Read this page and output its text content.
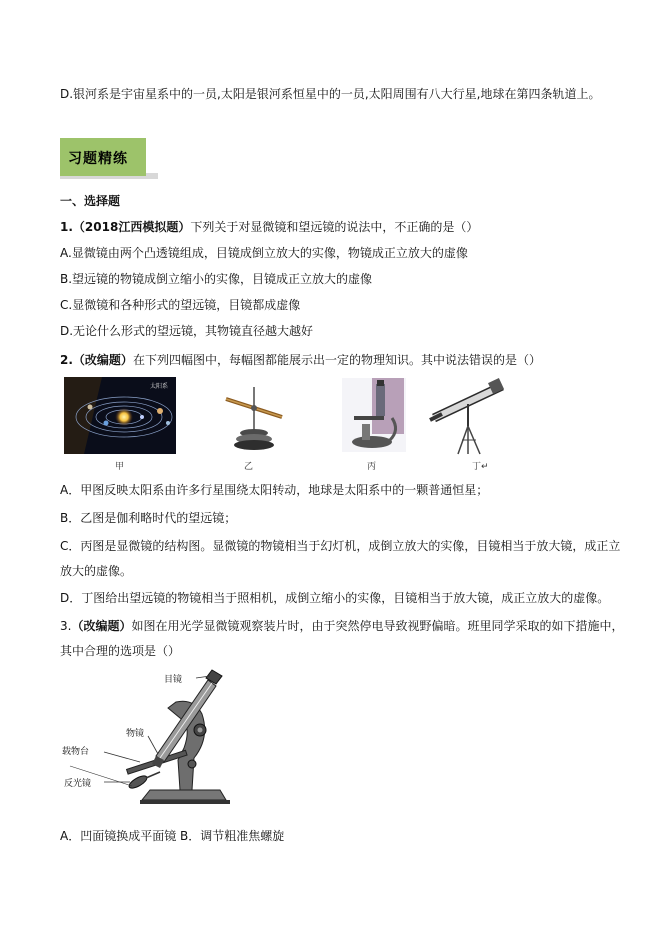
D.银河系是宇宙星系中的一员,太阳是银河系恒星中的一员,太阳周围有八大行星,地球在第四条轨道上。
习题精练
一、选择题
1.（2018江西模拟题）下列关于对显微镜和望远镜的说法中，不正确的是（）
A.显微镜由两个凸透镜组成，目镜成倒立放大的实像，物镜成正立放大的虚像
B.望远镜的物镜成倒立缩小的实像，目镜成正立放大的虚像
C.显微镜和各种形式的望远镜，目镜都成虚像
D.无论什么形式的望远镜，其物镜直径越大越好
2.（改编题）在下列四幅图中，每幅图都能展示出一定的物理知识。其中说法错误的是（）
太阳系
甲	乙	丙	丁↵
A．甲图反映太阳系由许多行星围绕太阳转动，地球是太阳系中的一颗普通恒星；
B．乙图是伽利略时代的望远镜；
C．丙图是显微镜的结构图。显微镜的物镜相当于幻灯机，成倒立放大的实像，目镜相当于放大镜，成正立
放大的虚像。
D．丁图给出望远镜的物镜相当于照相机，成倒立缩小的实像，目镜相当于放大镜，成正立放大的虚像。
3.（改编题）如图在用光学显微镜观察装片时，由于突然停电导致视野偏暗。班里同学采取的如下措施中，
其中合理的选项是（）
目镜
物镜
载物台
反光镜
A．凹面镜换成平面镜 B．调节粗准焦螺旋
